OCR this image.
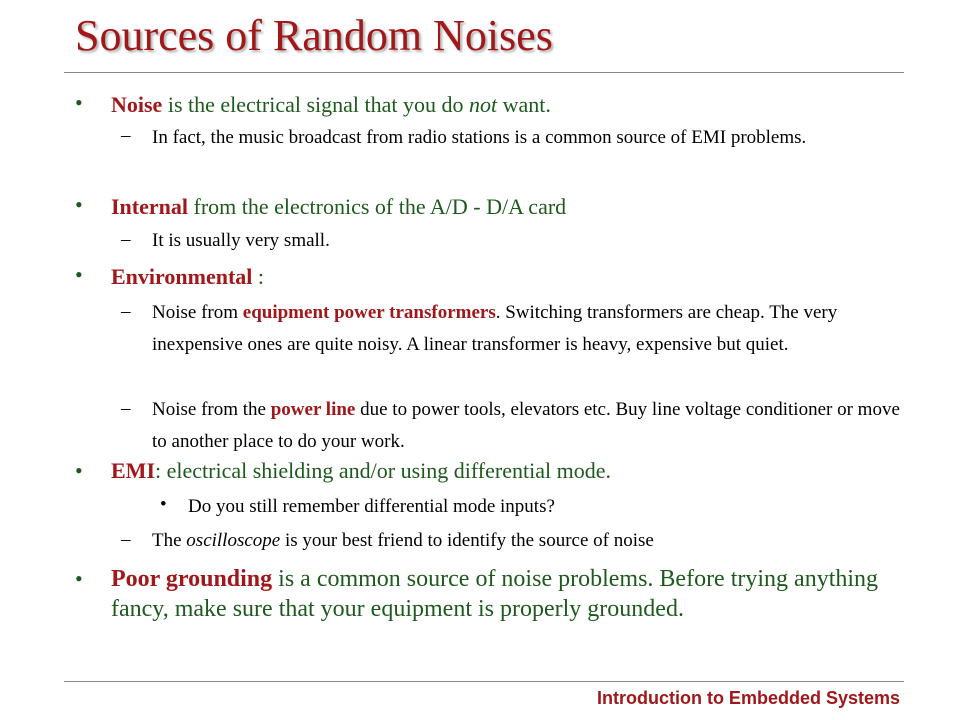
Sources of Random Noises
• Noise is the electrical signal that you do not want.
– In fact, the music broadcast from radio stations is a common source of EMI problems.
• Internal from the electronics of the A/D - D/A card
– It is usually very small.
• Environmental :
– Noise from equipment power transformers. Switching transformers are cheap. The very inexpensive ones are quite noisy. A linear transformer is heavy, expensive but quiet.
– Noise from the power line due to power tools, elevators etc. Buy line voltage conditioner or move to another place to do your work.
• EMI: electrical shielding and/or using differential mode.
• Do you still remember differential mode inputs?
– The oscilloscope is your best friend to identify the source of noise
• Poor grounding is a common source of noise problems. Before trying anything fancy, make sure that your equipment is properly grounded.
Introduction to Embedded Systems
